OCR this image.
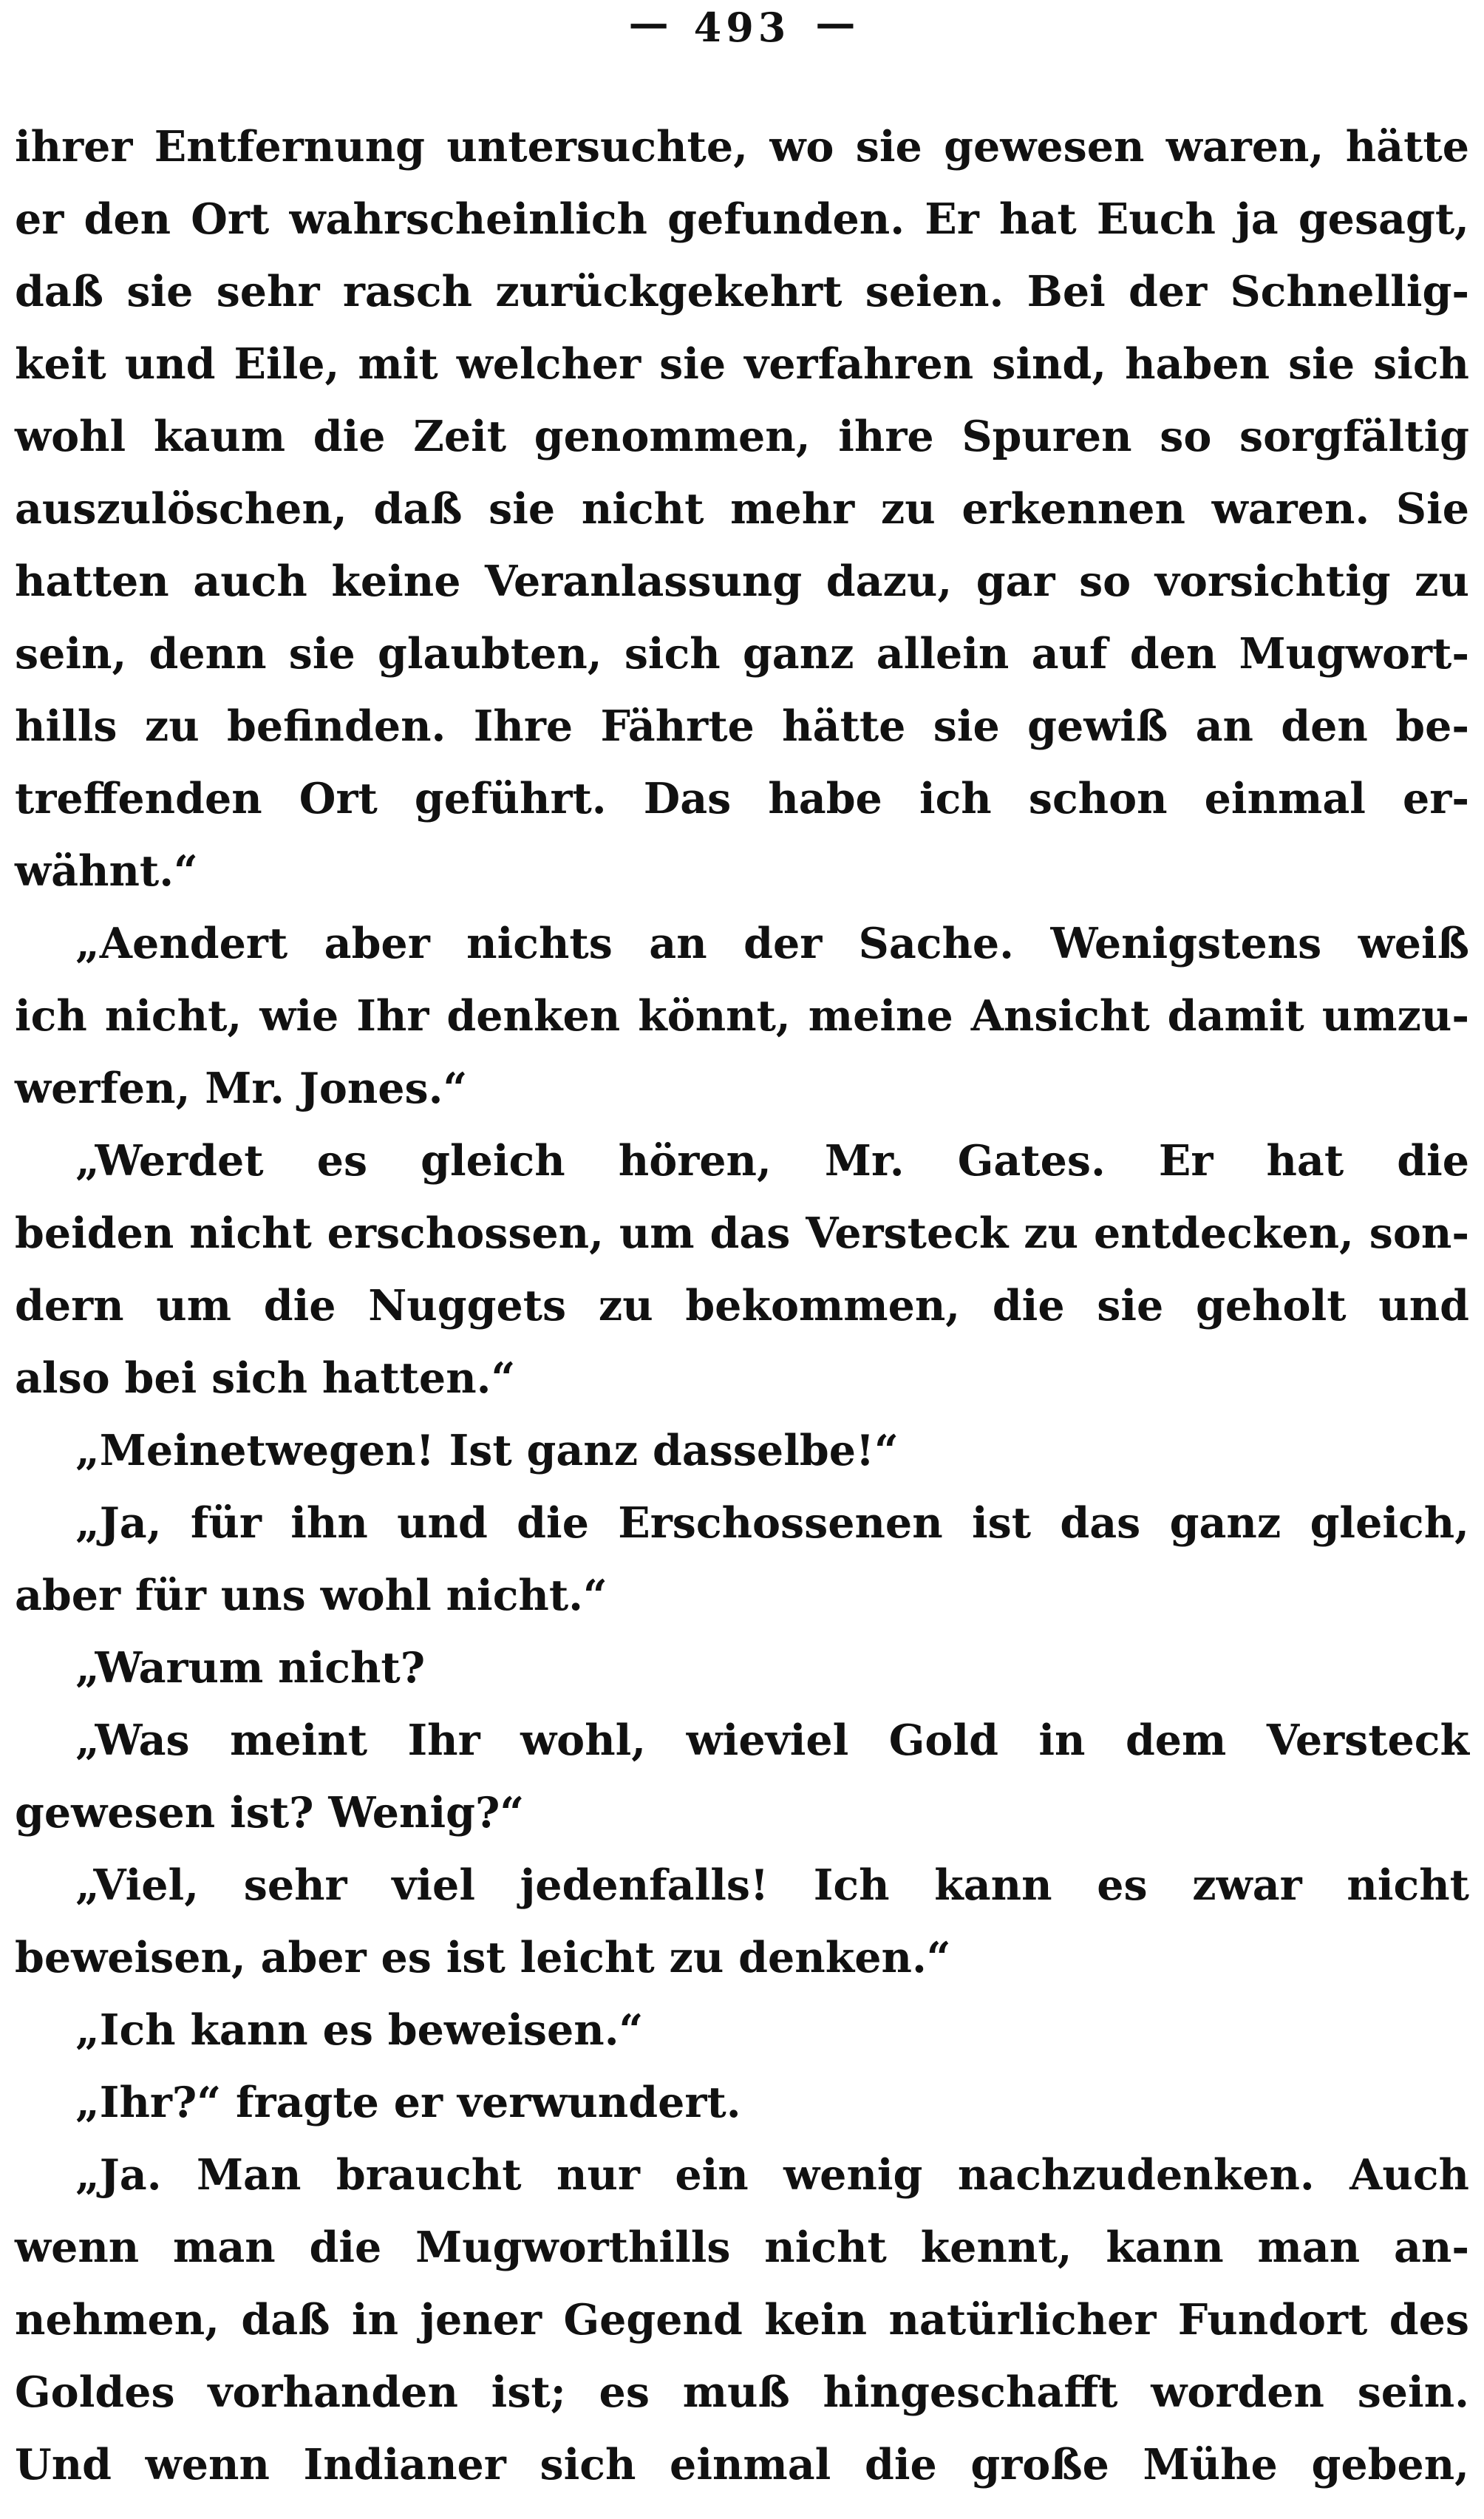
— 493 —

ihrer Entfernung untersuchte, wo sie gewesen waren, hätte
er den Ort wahrscheinlich gefunden. Er hat Euch ja gesagt,
daß sie sehr rasch zurückgekehrt seien. Bei der Schnellig-
keit und Eile, mit welcher sie verfahren sind, haben sie sich
wohl kaum die Zeit genommen, ihre Spuren so sorgfältig
auszulöschen, daß sie nicht mehr zu erkennen waren. Sie
hatten auch keine Veranlassung dazu, gar so vorsichtig zu
sein, denn sie glaubten, sich ganz allein auf den Mugwort-
hills zu befinden. Ihre Fährte hätte sie gewiß an den be-
treffenden Ort geführt. Das habe ich schon einmal er-
wähnt.“

„Aendert aber nichts an der Sache. Wenigstens weiß
ich nicht, wie Ihr denken könnt, meine Ansicht damit umzu-
werfen, Mr. Jones.“

„Werdet es gleich hören, Mr. Gates. Er hat die
beiden nicht erschossen, um das Versteck zu entdecken, son-
dern um die Nuggets zu bekommen, die sie geholt und
also bei sich hatten.“

„Meinetwegen! Ist ganz dasselbe!“

„Ja, für ihn und die Erschossenen ist das ganz gleich,
aber für uns wohl nicht.“

„Warum nicht?

„Was meint Ihr wohl, wieviel Gold in dem Versteck
gewesen ist? Wenig?“

„Viel, sehr viel jedenfalls! Ich kann es zwar nicht
beweisen, aber es ist leicht zu denken.“

„Ich kann es beweisen.“

„Ihr?“ fragte er verwundert.

„Ja. Man braucht nur ein wenig nachzudenken. Auch
wenn man die Mugworthills nicht kennt, kann man an-
nehmen, daß in jener Gegend kein natürlicher Fundort des
Goldes vorhanden ist; es muß hingeschafft worden sein.
Und wenn Indianer sich einmal die große Mühe geben,
